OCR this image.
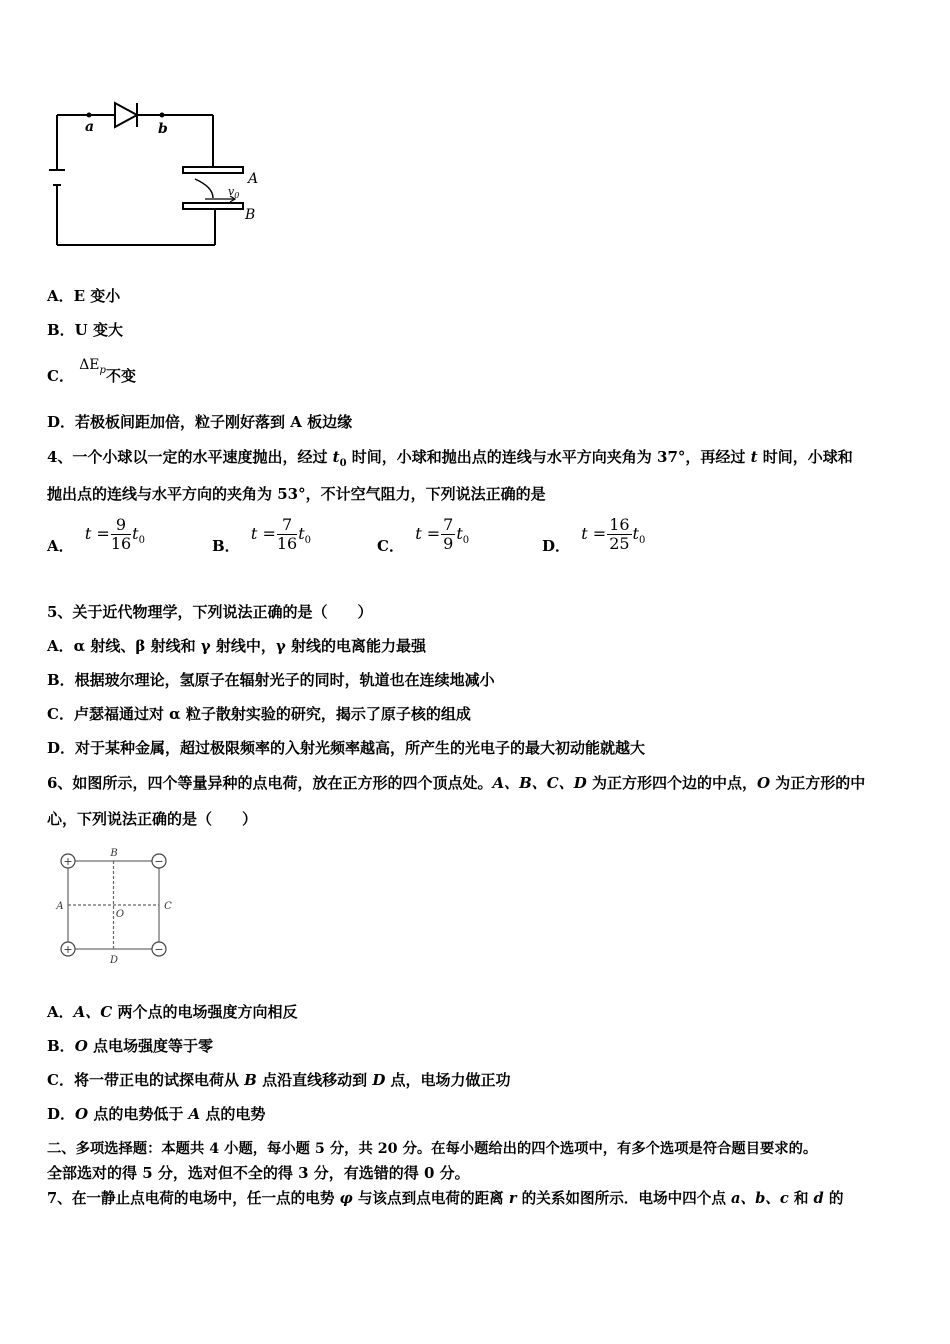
a	b
A
B
$v_0$
A．E 变小
B．U 变大
C． $\Delta E_p$不变
D．若极板间距加倍，粒子刚好落到 A 板边缘
4、一个小球以一定的水平速度抛出，经过 $t_0$ 时间，小球和抛出点的连线与水平方向夹角为 37°，再经过 t 时间，小球和
抛出点的连线与水平方向的夹角为 53°，不计空气阻力，下列说法正确的是
A． $t = \frac{9}{16} t_0$	B． $t = \frac{7}{16} t_0$	C． $t = \frac{7}{9} t_0$	D． $t = \frac{16}{25} t_0$
5、关于近代物理学，下列说法正确的是（　　）
A．α 射线、β 射线和 γ 射线中，γ 射线的电离能力最强
B．根据玻尔理论，氢原子在辐射光子的同时，轨道也在连续地减小
C．卢瑟福通过对 α 粒子散射实验的研究，揭示了原子核的组成
D．对于某种金属，超过极限频率的入射光频率越高，所产生的光电子的最大初动能就越大
6、如图所示，四个等量异种的点电荷，放在正方形的四个顶点处。A、B、C、D 为正方形四个边的中点，O 为正方形的中
心，下列说法正确的是（　　）
+	−
+	−
B
D
A	C
O
A．A、C 两个点的电场强度方向相反
B．O 点电场强度等于零
C．将一带正电的试探电荷从 B 点沿直线移动到 D 点，电场力做正功
D．O 点的电势低于 A 点的电势
二、多项选择题：本题共 4 小题，每小题 5 分，共 20 分。在每小题给出的四个选项中，有多个选项是符合题目要求的。
全部选对的得 5 分，选对但不全的得 3 分，有选错的得 0 分。
7、在一静止点电荷的电场中，任一点的电势 φ 与该点到点电荷的距离 r 的关系如图所示．电场中四个点 a、b、c 和 d 的
